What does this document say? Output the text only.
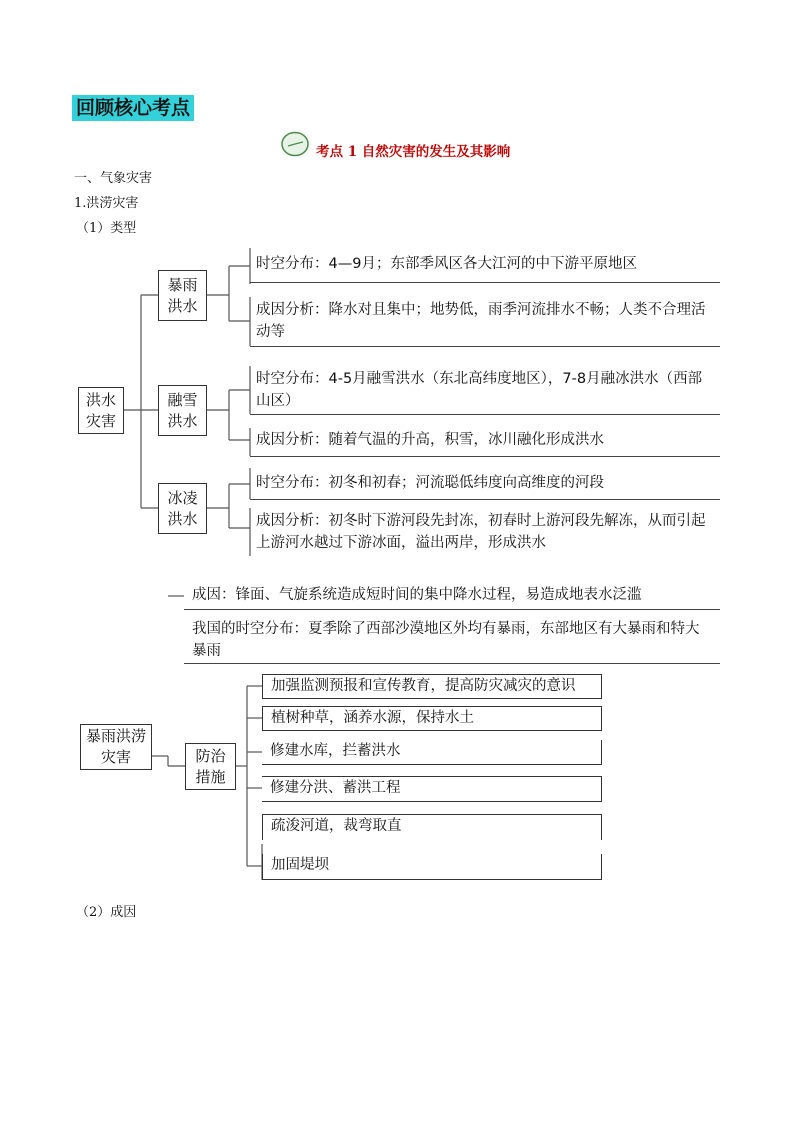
回顾核心考点
考点 1 自然灾害的发生及其影响
一、气象灾害
1.洪涝灾害
（1）类型
洪水灾害
暴雨洪水
融雪洪水
冰凌洪水
时空分布：4—9月；东部季风区各大江河的中下游平原地区
成因分析：降水对且集中；地势低，雨季河流排水不畅；人类不合理活动等
时空分布：4-5月融雪洪水（东北高纬度地区），7-8月融冰洪水（西部山区）
成因分析：随着气温的升高，积雪，冰川融化形成洪水
时空分布：初冬和初春；河流聪低纬度向高维度的河段
成因分析：初冬时下游河段先封冻，初春时上游河段先解冻，从而引起上游河水越过下游冰面，溢出两岸，形成洪水
成因：锋面、气旋系统造成短时间的集中降水过程，易造成地表水泛滥
我国的时空分布：夏季除了西部沙漠地区外均有暴雨，东部地区有大暴雨和特大暴雨
暴雨洪涝灾害	防治措施
加强监测预报和宣传教育，提高防灾减灾的意识
植树种草，涵养水源，保持水土
修建水库，拦蓄洪水
修建分洪、蓄洪工程
疏浚河道，裁弯取直
加固堤坝
（2）成因
